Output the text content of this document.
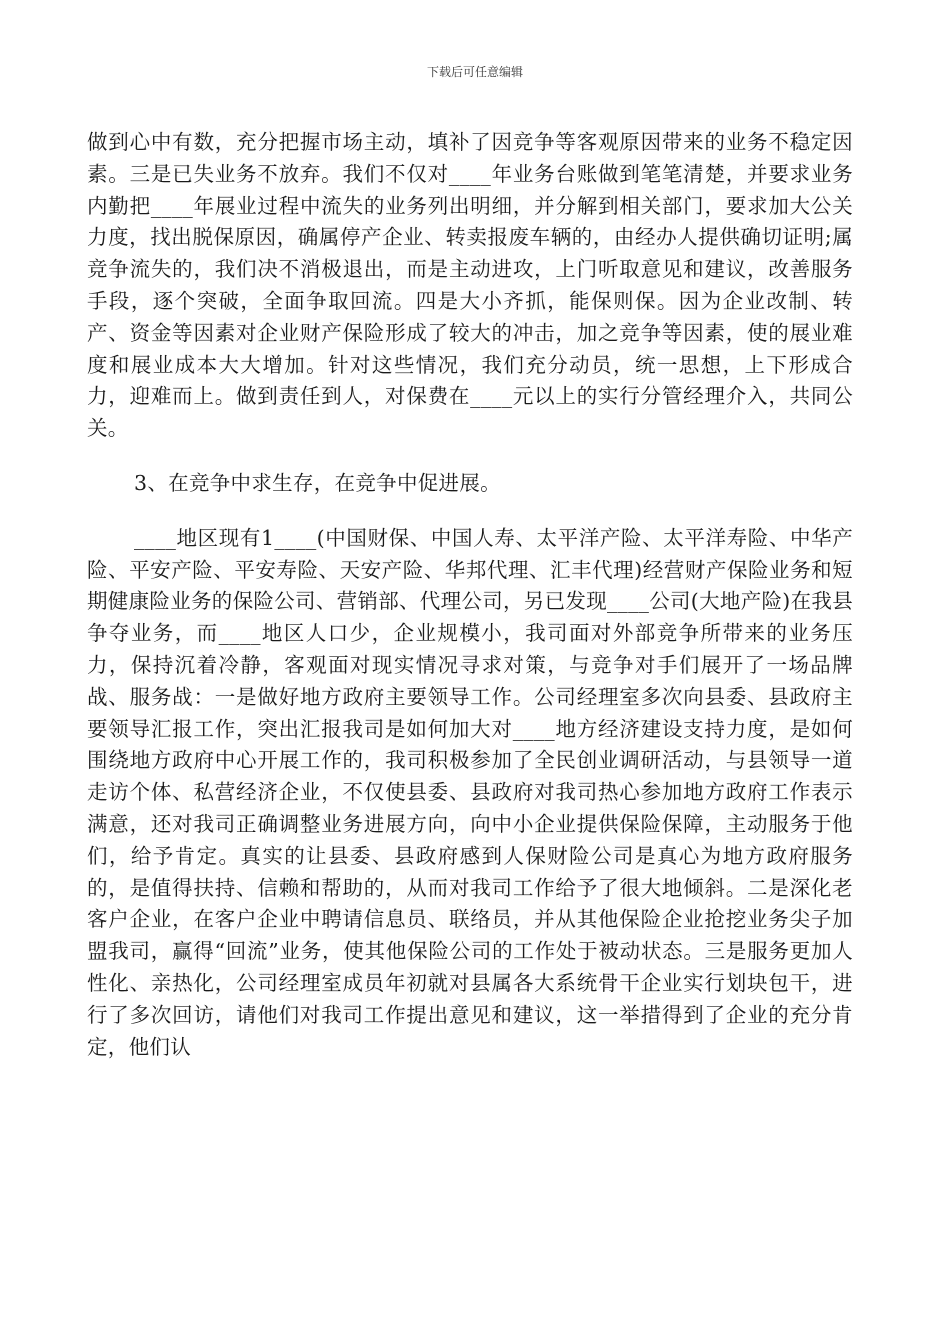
下载后可任意编辑

做到心中有数，充分把握市场主动，填补了因竞争等客观原因带来的业务不稳定因素。三是已失业务不放弃。我们不仅对____年业务台账做到笔笔清楚，并要求业务内勤把____年展业过程中流失的业务列出明细，并分解到相关部门，要求加大公关力度，找出脱保原因，确属停产企业、转卖报废车辆的，由经办人提供确切证明;属竞争流失的，我们决不消极退出，而是主动进攻，上门听取意见和建议，改善服务手段，逐个突破，全面争取回流。四是大小齐抓，能保则保。因为企业改制、转产、资金等因素对企业财产保险形成了较大的冲击，加之竞争等因素，使的展业难度和展业成本大大增加。针对这些情况，我们充分动员，统一思想，上下形成合力，迎难而上。做到责任到人，对保费在____元以上的实行分管经理介入，共同公关。

3、在竞争中求生存，在竞争中促进展。

____地区现有1____(中国财保、中国人寿、太平洋产险、太平洋寿险、中华产险、平安产险、平安寿险、天安产险、华邦代理、汇丰代理)经营财产保险业务和短期健康险业务的保险公司、营销部、代理公司，另已发现____公司(大地产险)在我县争夺业务，而____地区人口少，企业规模小，我司面对外部竞争所带来的业务压力，保持沉着冷静，客观面对现实情况寻求对策，与竞争对手们展开了一场品牌战、服务战：一是做好地方政府主要领导工作。公司经理室多次向县委、县政府主要领导汇报工作，突出汇报我司是如何加大对____地方经济建设支持力度，是如何围绕地方政府中心开展工作的，我司积极参加了全民创业调研活动，与县领导一道走访个体、私营经济企业，不仅使县委、县政府对我司热心参加地方政府工作表示满意，还对我司正确调整业务进展方向，向中小企业提供保险保障，主动服务于他们，给予肯定。真实的让县委、县政府感到人保财险公司是真心为地方政府服务的，是值得扶持、信赖和帮助的，从而对我司工作给予了很大地倾斜。二是深化老客户企业，在客户企业中聘请信息员、联络员，并从其他保险企业抢挖业务尖子加盟我司，赢得“回流”业务，使其他保险公司的工作处于被动状态。三是服务更加人性化、亲热化，公司经理室成员年初就对县属各大系统骨干企业实行划块包干，进行了多次回访，请他们对我司工作提出意见和建议，这一举措得到了企业的充分肯定，他们认
